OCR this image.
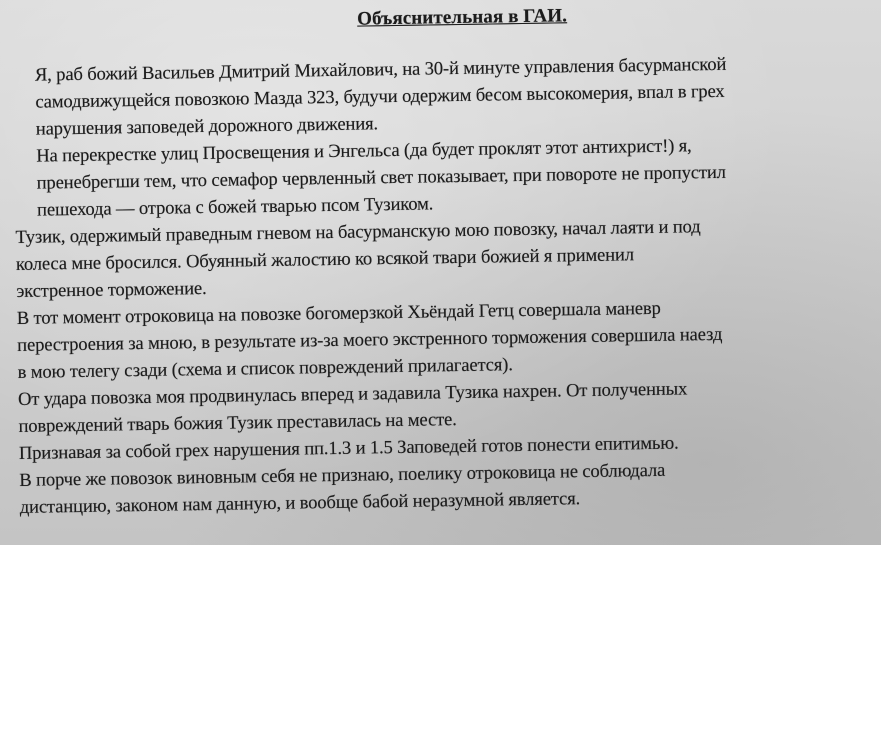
Объяснительная в ГАИ.
Я, раб божий Васильев Дмитрий Михайлович, на 30-й минуте управления басурманской
самодвижущейся повозкою Мазда 323, будучи одержим бесом высокомерия, впал в грех
нарушения заповедей дорожного движения.
На перекрестке улиц Просвещения и Энгельса (да будет проклят этот антихрист!) я,
пренебрегши тем, что семафор червленный свет показывает, при повороте не пропустил
пешехода — отрока с божей тварью псом Тузиком.
Тузик, одержимый праведным гневом на басурманскую мою повозку, начал лаяти и под
колеса мне бросился. Обуянный жалостию ко всякой твари божией я применил
экстренное торможение.
В тот момент отроковица на повозке богомерзкой Хьёндай Гетц совершала маневр
перестроения за мною, в результате из-за моего экстренного торможения совершила наезд
в мою телегу сзади (схема и список повреждений прилагается).
От удара повозка моя продвинулась вперед и задавила Тузика нахрен. От полученных
повреждений тварь божия Тузик преставилась на месте.
Признавая за собой грех нарушения пп.1.3 и 1.5 Заповедей готов понести епитимью.
В порче же повозок виновным себя не признаю, поелику отроковица не соблюдала
дистанцию, законом нам данную, и вообще бабой неразумной является.
